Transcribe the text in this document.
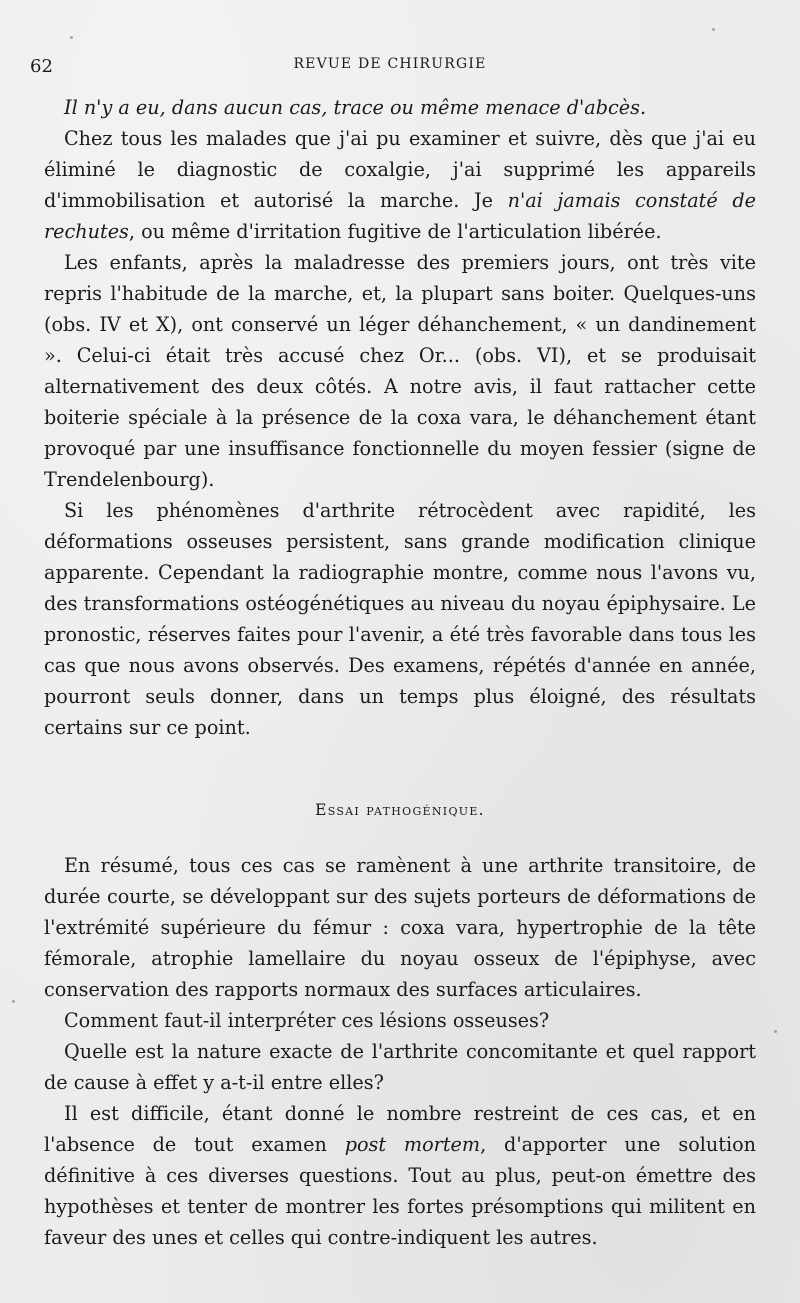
62	REVUE DE CHIRURGIE

Il n'y a eu, dans aucun cas, trace ou même menace d'abcès.

Chez tous les malades que j'ai pu examiner et suivre, dès que j'ai eu éliminé le diagnostic de coxalgie, j'ai supprimé les appareils d'immobilisation et autorisé la marche. Je n'ai jamais constaté de rechutes, ou même d'irritation fugitive de l'articulation libérée.

Les enfants, après la maladresse des premiers jours, ont très vite repris l'habitude de la marche, et, la plupart sans boiter. Quelques-uns (obs. IV et X), ont conservé un léger déhanchement, « un dandinement ». Celui-ci était très accusé chez Or... (obs. VI), et se produisait alternativement des deux côtés. A notre avis, il faut rattacher cette boiterie spéciale à la présence de la coxa vara, le déhanchement étant provoqué par une insuffisance fonctionnelle du moyen fessier (signe de Trendelenbourg).

Si les phénomènes d'arthrite rétrocèdent avec rapidité, les déformations osseuses persistent, sans grande modification clinique apparente. Cependant la radiographie montre, comme nous l'avons vu, des transformations ostéogénétiques au niveau du noyau épiphysaire. Le pronostic, réserves faites pour l'avenir, a été très favorable dans tous les cas que nous avons observés. Des examens, répétés d'année en année, pourront seuls donner, dans un temps plus éloigné, des résultats certains sur ce point.

Essai pathogénique.

En résumé, tous ces cas se ramènent à une arthrite transitoire, de durée courte, se développant sur des sujets porteurs de déformations de l'extrémité supérieure du fémur : coxa vara, hypertrophie de la tête fémorale, atrophie lamellaire du noyau osseux de l'épiphyse, avec conservation des rapports normaux des surfaces articulaires.

Comment faut-il interpréter ces lésions osseuses?

Quelle est la nature exacte de l'arthrite concomitante et quel rapport de cause à effet y a-t-il entre elles?

Il est difficile, étant donné le nombre restreint de ces cas, et en l'absence de tout examen post mortem, d'apporter une solution définitive à ces diverses questions. Tout au plus, peut-on émettre des hypothèses et tenter de montrer les fortes présomptions qui militent en faveur des unes et celles qui contre-indiquent les autres.
